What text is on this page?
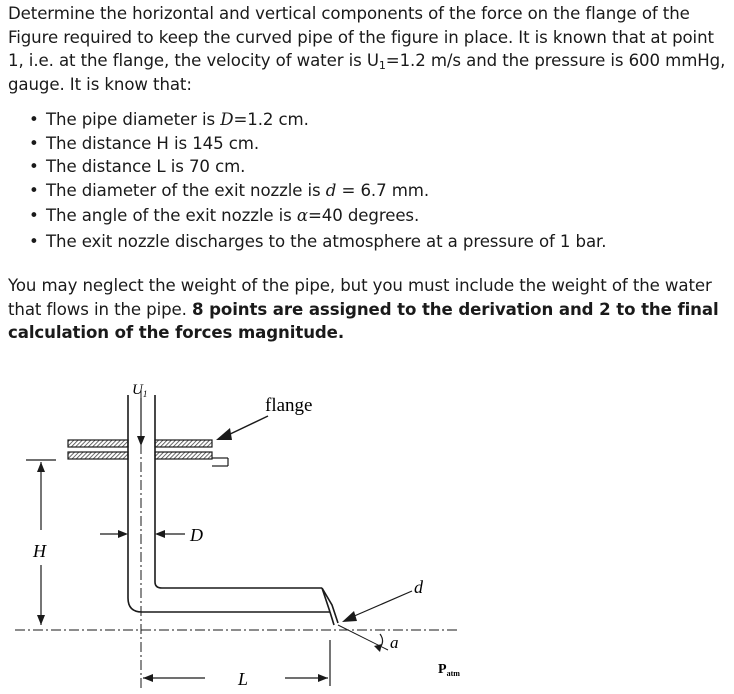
Determine the horizontal and vertical components of the force on the flange of the Figure required to keep the curved pipe of the figure in place. It is known that at point 1, i.e. at the flange, the velocity of water is $U_1=1.2$ m/s and the pressure is 600 mmHg, gauge. It is know that:

• The pipe diameter is D=1.2 cm.
• The distance H is 145 cm.
• The distance L is 70 cm.
• The diameter of the exit nozzle is d = 6.7 mm.
• The angle of the exit nozzle is α=40 degrees.
• The exit nozzle discharges to the atmosphere at a pressure of 1 bar.

You may neglect the weight of the pipe, but you must include the weight of the water that flows in the pipe. 8 points are assigned to the derivation and 2 to the final calculation of the forces magnitude.

$U_1$
flange
D
H
d
a
L	$P_{atm}$
